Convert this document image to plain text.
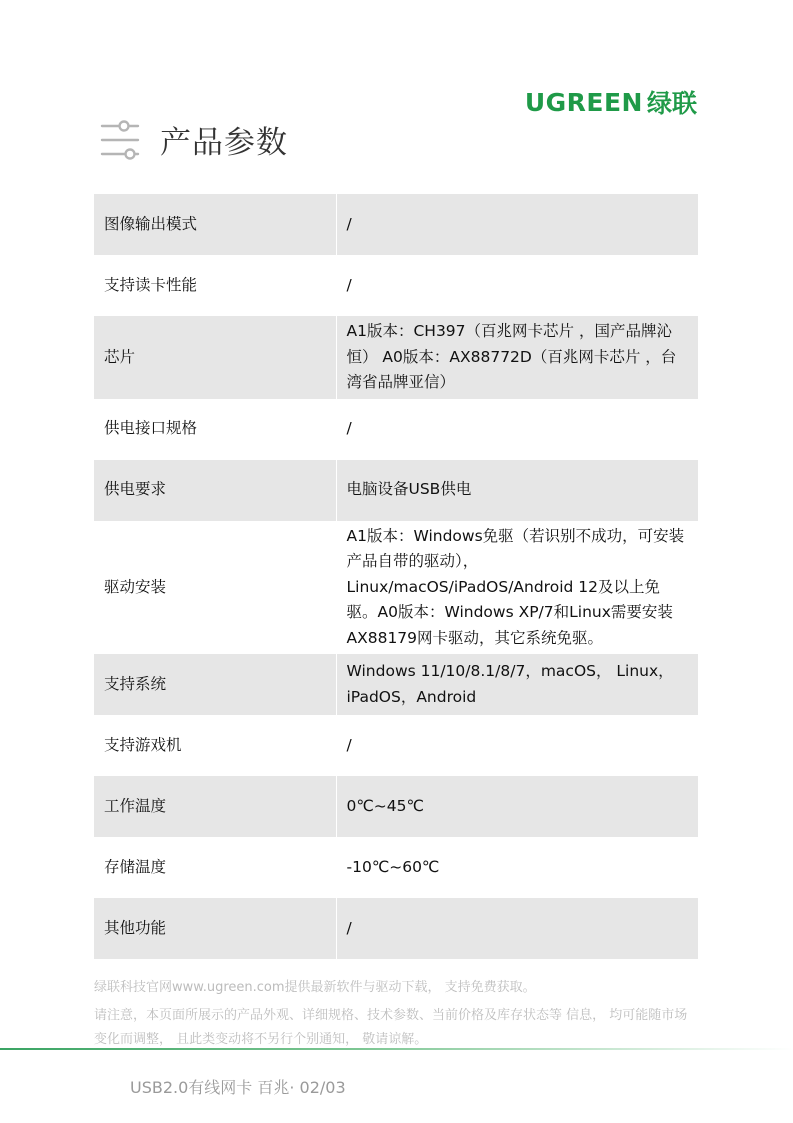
UGREEN 绿联
产品参数
图像输出模式	/
支持读卡性能	/
芯片	A1版本：CH397（百兆网卡芯片 ，国产品牌沁恒） A0版本：AX88772D（百兆网卡芯片 ，台湾省品牌亚信）
供电接口规格	/
供电要求	电脑设备USB供电
驱动安装	A1版本：Windows免驱（若识别不成功，可安装产品自带的驱动），Linux/macOS/iPadOS/Android 12及以上免驱。A0版本：Windows XP/7和Linux需要安装AX88179网卡驱动，其它系统免驱。
支持系统	Windows 11/10/8.1/8/7，macOS， Linux，iPadOS，Android
支持游戏机	/
工作温度	0℃~45℃
存储温度	-10℃~60℃
其他功能	/
绿联科技官网www.ugreen.com提供最新软件与驱动下载， 支持免费获取。
请注意，本页面所展示的产品外观、详细规格、技术参数、当前价格及库存状态等 信息， 均可能随市场变化而调整， 且此类变动将不另行个别通知， 敬请谅解。
USB2.0有线网卡 百兆· 02/03
